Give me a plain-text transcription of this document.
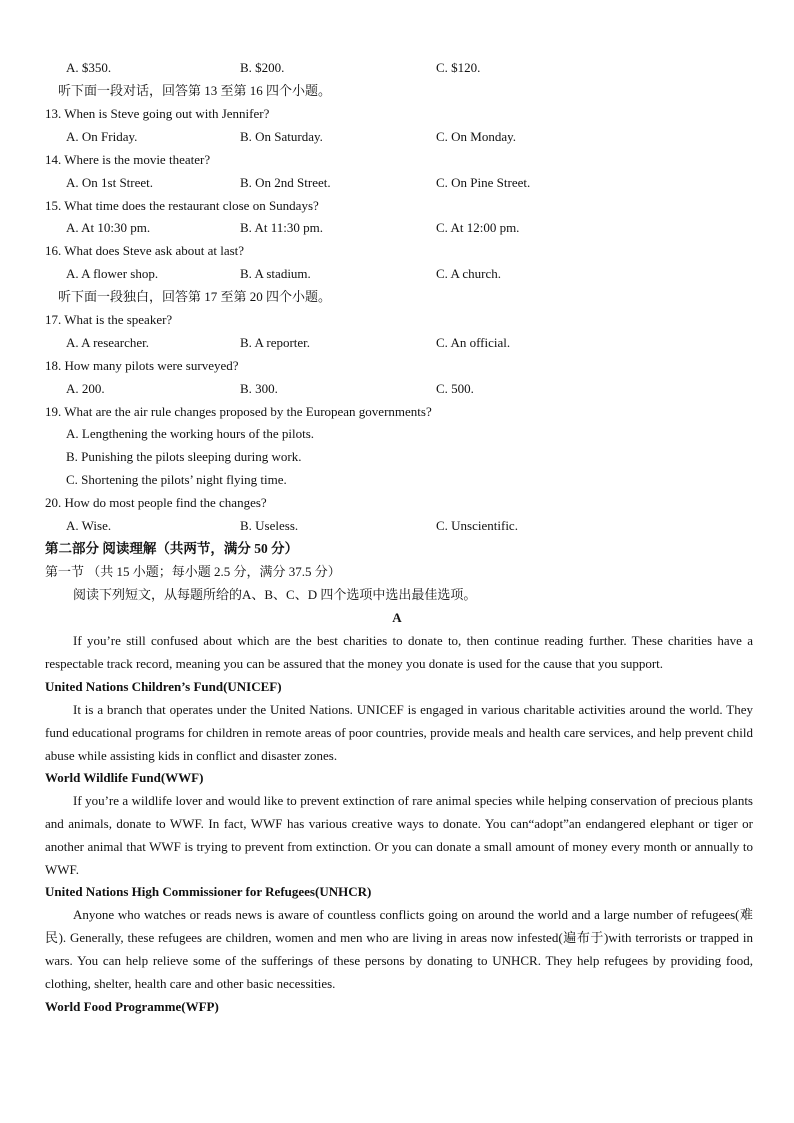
A. $350.	B. $200.	C. $120.
听下面一段对话，回答第 13 至第 16 四个小题。
13. When is Steve going out with Jennifer?
A. On Friday.	B. On Saturday.	C. On Monday.
14. Where is the movie theater?
A. On 1st Street.	B. On 2nd Street.	C. On Pine Street.
15. What time does the restaurant close on Sundays?
A. At 10:30 pm.	B. At 11:30 pm.	C. At 12:00 pm.
16. What does Steve ask about at last?
A. A flower shop.	B. A stadium.	C. A church.
听下面一段独白，回答第 17 至第 20 四个小题。
17. What is the speaker?
A. A researcher.	B. A reporter.	C. An official.
18. How many pilots were surveyed?
A. 200.	B. 300.	C. 500.
19. What are the air rule changes proposed by the European governments?
A. Lengthening the working hours of the pilots.
B. Punishing the pilots sleeping during work.
C. Shortening the pilots’ night flying time.
20. How do most people find the changes?
A. Wise.	B. Useless.	C. Unscientific.
第二部分 阅读理解（共两节，满分 50 分）
第一节 （共 15 小题；每小题 2.5 分，满分 37.5 分）
阅读下列短文，从每题所给的A、B、C、D 四个选项中选出最佳选项。
A
If you’re still confused about which are the best charities to donate to, then continue reading further. These charities have a respectable track record, meaning you can be assured that the money you donate is used for the cause that you support.
United Nations Children’s Fund(UNICEF)
It is a branch that operates under the United Nations. UNICEF is engaged in various charitable activities around the world. They fund educational programs for children in remote areas of poor countries, provide meals and health care services, and help prevent child abuse while assisting kids in conflict and disaster zones.
World Wildlife Fund(WWF)
If you’re a wildlife lover and would like to prevent extinction of rare animal species while helping conservation of precious plants and animals, donate to WWF. In fact, WWF has various creative ways to donate. You can“adopt”an endangered elephant or tiger or another animal that WWF is trying to prevent from extinction. Or you can donate a small amount of money every month or annually to WWF.
United Nations High Commissioner for Refugees(UNHCR)
Anyone who watches or reads news is aware of countless conflicts going on around the world and a large number of refugees(难民). Generally, these refugees are children, women and men who are living in areas now infested(遍布于)with terrorists or trapped in wars. You can help relieve some of the sufferings of these persons by donating to UNHCR. They help refugees by providing food, clothing, shelter, health care and other basic necessities.
World Food Programme(WFP)
